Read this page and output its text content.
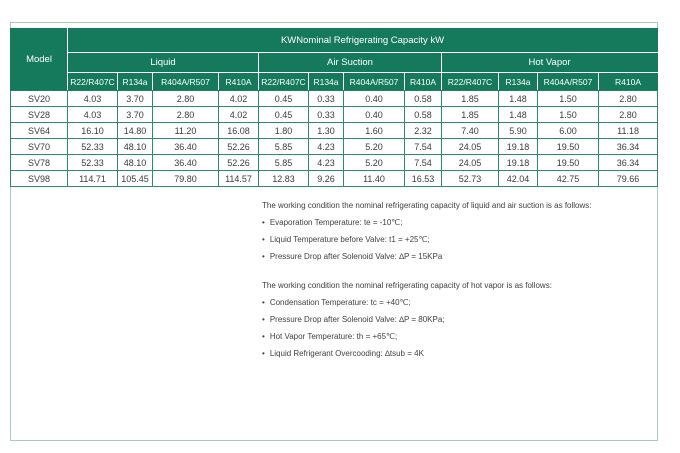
Model	KWNominal Refrigerating Capacity kW											
	Liquid				Air Suction				Hot Vapor			
	R22/R407C	R134a	R404A/R507	R410A	R22/R407C	R134a	R404A/R507	R410A	R22/R407C	R134a	R404A/R507	R410A
SV20	4.03	3.70	2.80	4.02	0.45	0.33	0.40	0.58	1.85	1.48	1.50	2.80
SV28	4.03	3.70	2.80	4.02	0.45	0.33	0.40	0.58	1.85	1.48	1.50	2.80
SV64	16.10	14.80	11.20	16.08	1.80	1.30	1.60	2.32	7.40	5.90	6.00	11.18
SV70	52.33	48.10	36.40	52.26	5.85	4.23	5.20	7.54	24.05	19.18	19.50	36.34
SV78	52.33	48.10	36.40	52.26	5.85	4.23	5.20	7.54	24.05	19.18	19.50	36.34
SV98	114.71	105.45	79.80	114.57	12.83	9.26	11.40	16.53	52.73	42.04	42.75	79.66

The working condition the nominal refrigerating capacity of liquid and air suction is as follows:

• Evaporation Temperature: te = -10℃;
• Liquid Temperature before Valve: t1 = +25℃;
• Pressure Drop after Solenoid Valve: ∆P = 15KPa

The working condition the nominal refrigerating capacity of hot vapor is as follows:

• Condensation Temperature: tc = +40℃;
• Pressure Drop after Solenoid Valve: ∆P = 80KPa;
• Hot Vapor Temperature: th = +65℃;
• Liquid Refrigerant Overcooding: ∆tsub = 4K
